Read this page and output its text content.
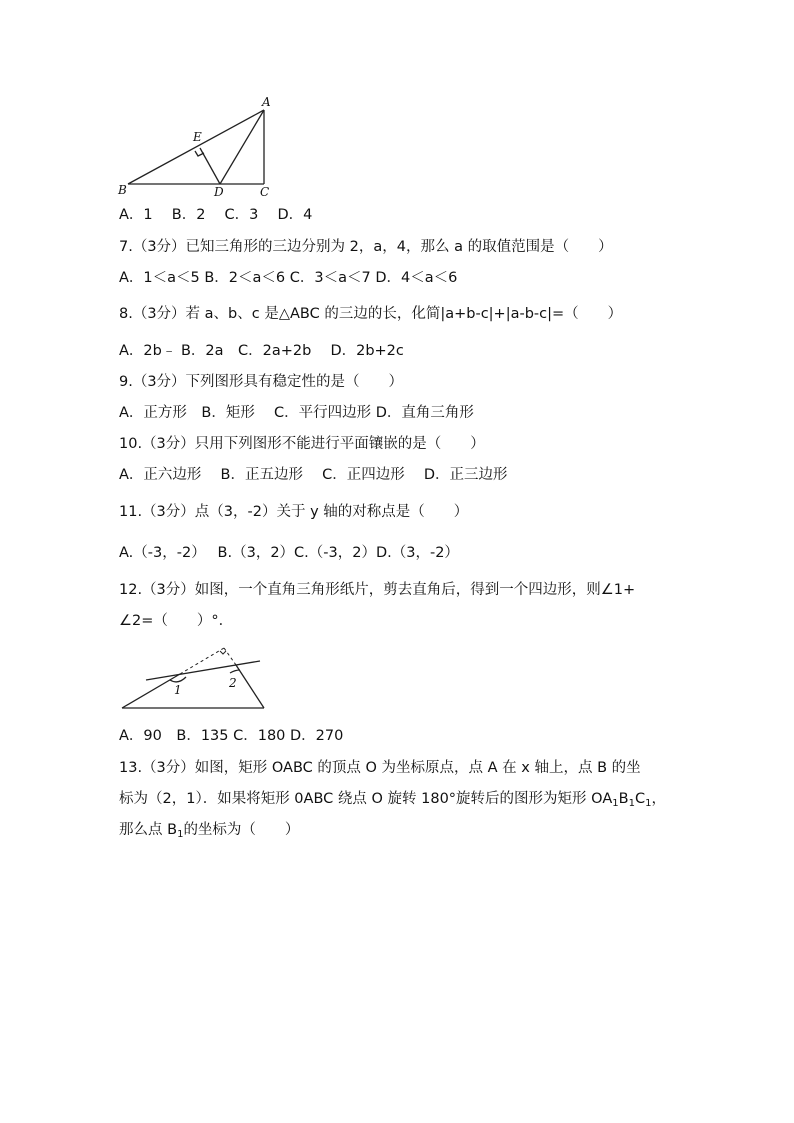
A
B	C
D
E
A．1　 B．2　 C．3　 D．4
7.（3分）已知三角形的三边分别为 2，a，4，那么 a 的取值范围是（　　）
A．1＜a＜5 B．2＜a＜6 C．3＜a＜7 D．4＜a＜6
8.（3分）若 a、b、c 是△ABC 的三边的长，化简|a+b-c|+|a-b-c|=（　　）
A．2b﹣ B．2a　C．2a+2b　 D．2b+2c
9.（3分）下列图形具有稳定性的是（　　）
A．正方形　B．矩形　 C．平行四边形 D．直角三角形
10.（3分）只用下列图形不能进行平面镶嵌的是（　　）
A．正六边形　 B．正五边形　 C．正四边形　 D．正三边形
11.（3分）点（3，-2）关于 y 轴的对称点是（　　）
A.（-3，-2）　 B.（3，2）C.（-3，2）D.（3，-2）
12.（3分）如图，一个直角三角形纸片，剪去直角后，得到一个四边形，则∠1+
∠2=（　　）°．
1	2
A．90　B．135 C．180 D．270
13.（3分）如图，矩形 OABC 的顶点 O 为坐标原点，点 A 在 x 轴上，点 B 的坐
标为（2，1）．如果将矩形 0ABC 绕点 O 旋转 180°旋转后的图形为矩形 $OA_1B_1C_1$，
那么点 $B_1$的坐标为（　　）
